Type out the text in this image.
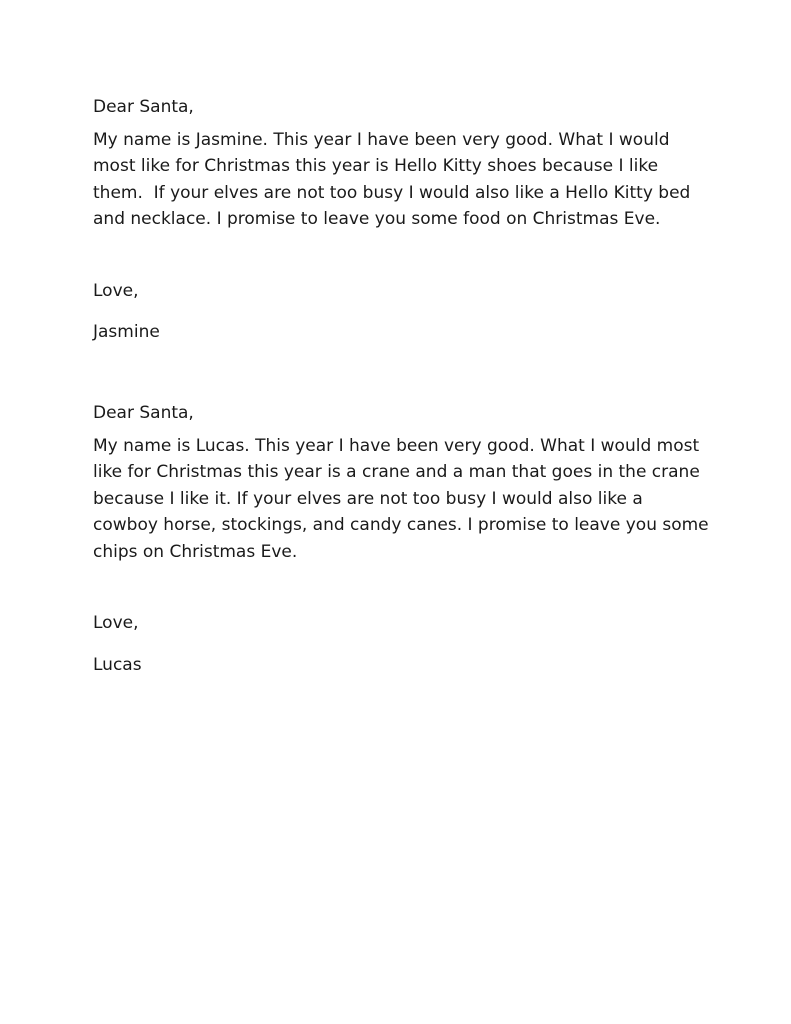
Dear Santa,

My name is Jasmine. This year I have been very good. What I would

most like for Christmas this year is Hello Kitty shoes because I like

them.  If your elves are not too busy I would also like a Hello Kitty bed

and necklace. I promise to leave you some food on Christmas Eve.

Love,

Jasmine

Dear Santa,

My name is Lucas. This year I have been very good. What I would most

like for Christmas this year is a crane and a man that goes in the crane

because I like it. If your elves are not too busy I would also like a

cowboy horse, stockings, and candy canes. I promise to leave you some

chips on Christmas Eve.

Love,

Lucas
